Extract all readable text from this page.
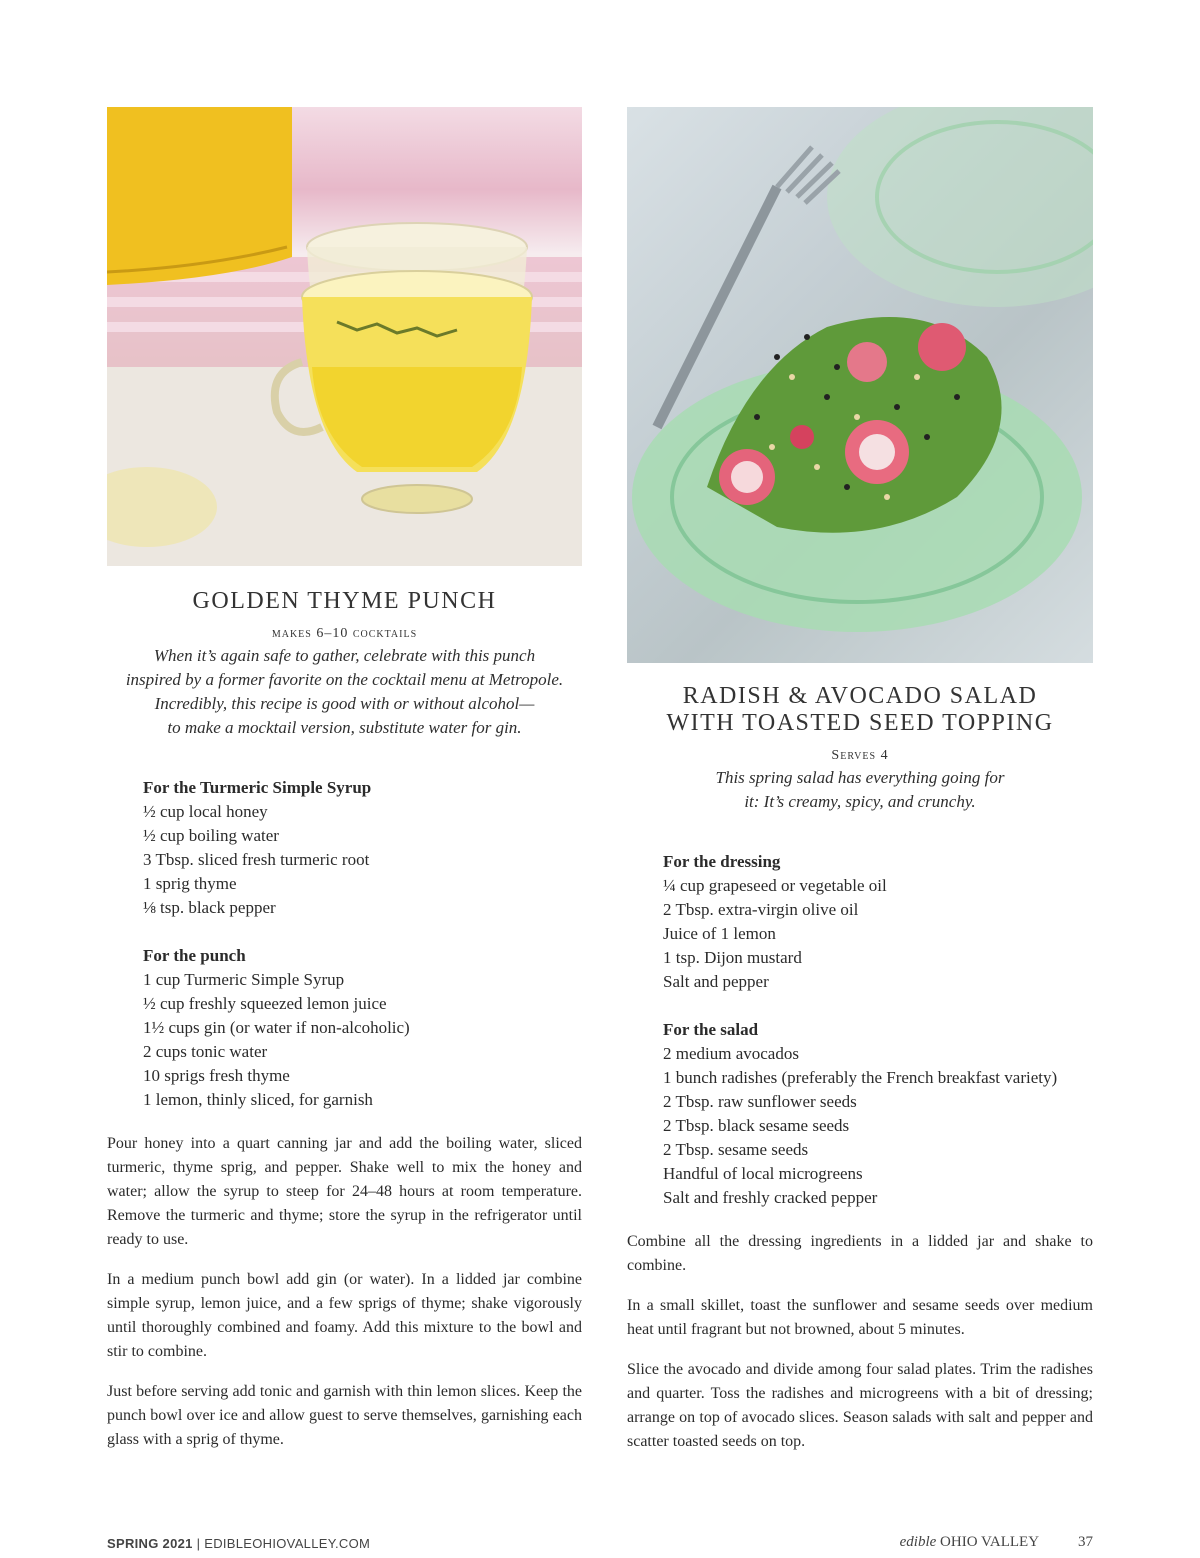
GOLDEN THYME PUNCH

makes 6–10 cocktails

When it’s again safe to gather, celebrate with this punch
inspired by a former favorite on the cocktail menu at Metropole.
Incredibly, this recipe is good with or without alcohol—
to make a mocktail version, substitute water for gin.

For the Turmeric Simple Syrup

½ cup local honey
½ cup boiling water
3 Tbsp. sliced fresh turmeric root
1 sprig thyme
⅛ tsp. black pepper

For the punch

1 cup Turmeric Simple Syrup
½ cup freshly squeezed lemon juice
1½ cups gin (or water if non-alcoholic)
2 cups tonic water
10 sprigs fresh thyme
1 lemon, thinly sliced, for garnish

Pour honey into a quart canning jar and add the boiling water, sliced turmeric, thyme sprig, and pepper. Shake well to mix the honey and water; allow the syrup to steep for 24–48 hours at room temperature. Remove the turmeric and thyme; store the syrup in the refrigerator until ready to use.

In a medium punch bowl add gin (or water). In a lidded jar combine simple syrup, lemon juice, and a few sprigs of thyme; shake vigorously until thoroughly combined and foamy. Add this mixture to the bowl and stir to combine.

Just before serving add tonic and garnish with thin lemon slices. Keep the punch bowl over ice and allow guest to serve themselves, garnishing each glass with a sprig of thyme.

RADISH & AVOCADO SALAD
WITH TOASTED SEED TOPPING

Serves 4

This spring salad has everything going for
it: It’s creamy, spicy, and crunchy.

For the dressing

¼ cup grapeseed or vegetable oil
2 Tbsp. extra-virgin olive oil
Juice of 1 lemon
1 tsp. Dijon mustard
Salt and pepper

For the salad

2 medium avocados
1 bunch radishes (preferably the French breakfast variety)
2 Tbsp. raw sunflower seeds
2 Tbsp. black sesame seeds
2 Tbsp. sesame seeds
Handful of local microgreens
Salt and freshly cracked pepper

Combine all the dressing ingredients in a lidded jar and shake to combine.

In a small skillet, toast the sunflower and sesame seeds over medium heat until fragrant but not browned, about 5 minutes.

Slice the avocado and divide among four salad plates. Trim the radishes and quarter. Toss the radishes and microgreens with a bit of dressing; arrange on top of avocado slices. Season salads with salt and pepper and scatter toasted seeds on top.

SPRING 2021 | EDIBLEOHIOVALLEY.COM	edible OHIO VALLEY	37
